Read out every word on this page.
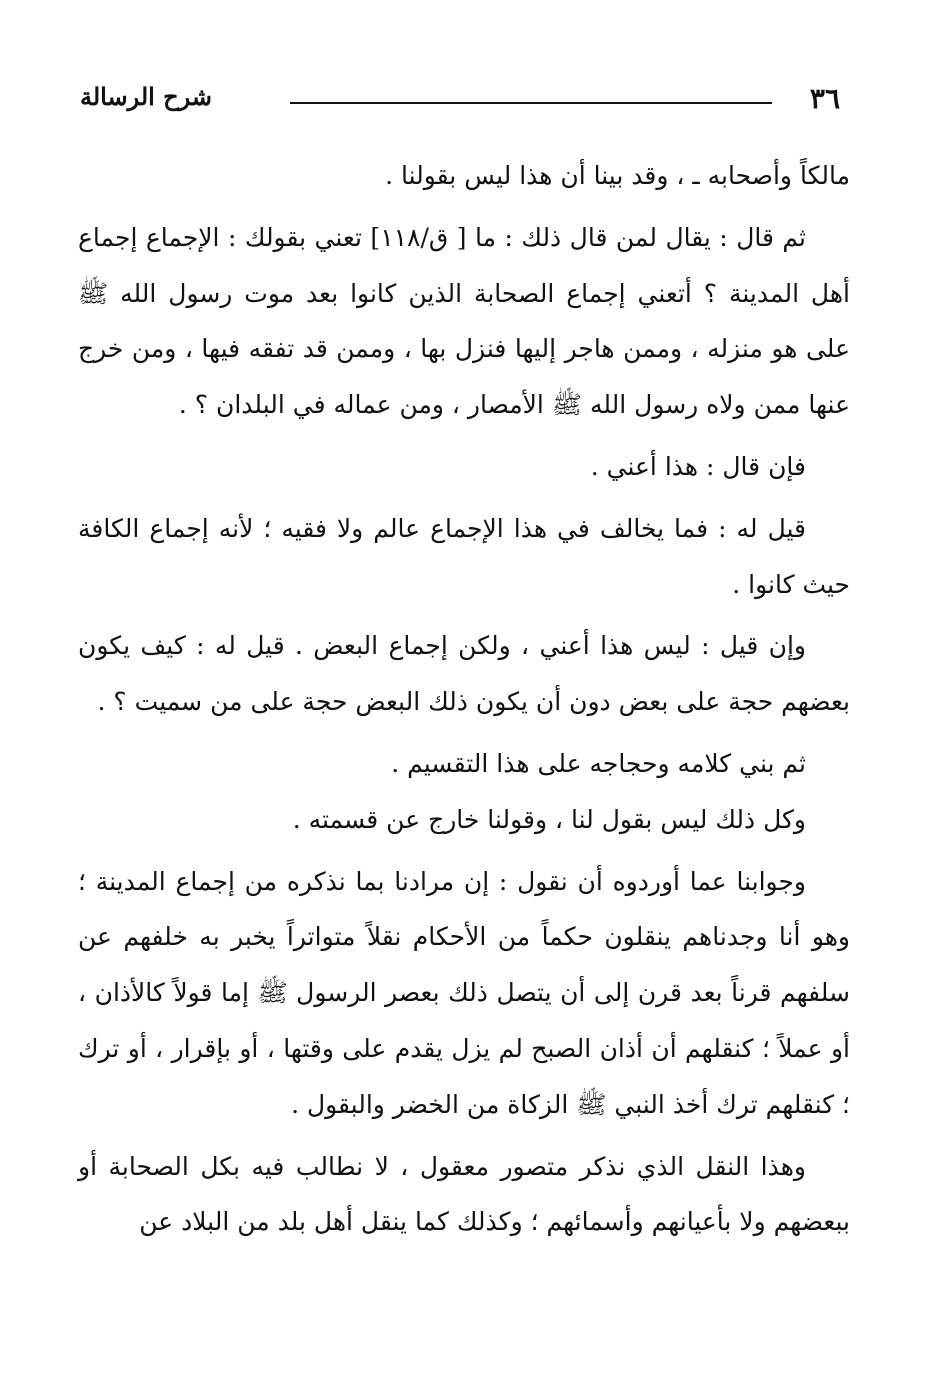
٣٦
شرح الرسالة

مالكاً وأصحابه ـ ، وقد بينا أن هذا ليس بقولنا .

ثم قال : يقال لمن قال ذلك : ما [ ق/١١٨] تعني بقولك : الإجماع إجماع أهل المدينة ؟ أتعني إجماع الصحابة الذين كانوا بعد موت رسول الله ﷺ على هو منزله ، وممن هاجر إليها فنزل بها ، وممن قد تفقه فيها ، ومن خرج عنها ممن ولاه رسول الله ﷺ الأمصار ، ومن عماله في البلدان ؟ .

فإن قال : هذا أعني .

قيل له : فما يخالف في هذا الإجماع عالم ولا فقيه ؛ لأنه إجماع الكافة حيث كانوا .

وإن قيل : ليس هذا أعني ، ولكن إجماع البعض . قيل له : كيف يكون بعضهم حجة على بعض دون أن يكون ذلك البعض حجة على من سميت ؟ .

ثم بني كلامه وحجاجه على هذا التقسيم .

وكل ذلك ليس بقول لنا ، وقولنا خارج عن قسمته .

وجوابنا عما أوردوه أن نقول : إن مرادنا بما نذكره من إجماع المدينة ؛ وهو أنا وجدناهم ينقلون حكماً من الأحكام نقلاً متواتراً يخبر به خلفهم عن سلفهم قرناً بعد قرن إلى أن يتصل ذلك بعصر الرسول ﷺ إما قولاً كالأذان ، أو عملاً ؛ كنقلهم أن أذان الصبح لم يزل يقدم على وقتها ، أو بإقرار ، أو ترك ؛ كنقلهم ترك أخذ النبي ﷺ الزكاة من الخضر والبقول .

وهذا النقل الذي نذكر متصور معقول ، لا نطالب فيه بكل الصحابة أو ببعضهم ولا بأعيانهم وأسمائهم ؛ وكذلك كما ينقل أهل بلد من البلاد عن
